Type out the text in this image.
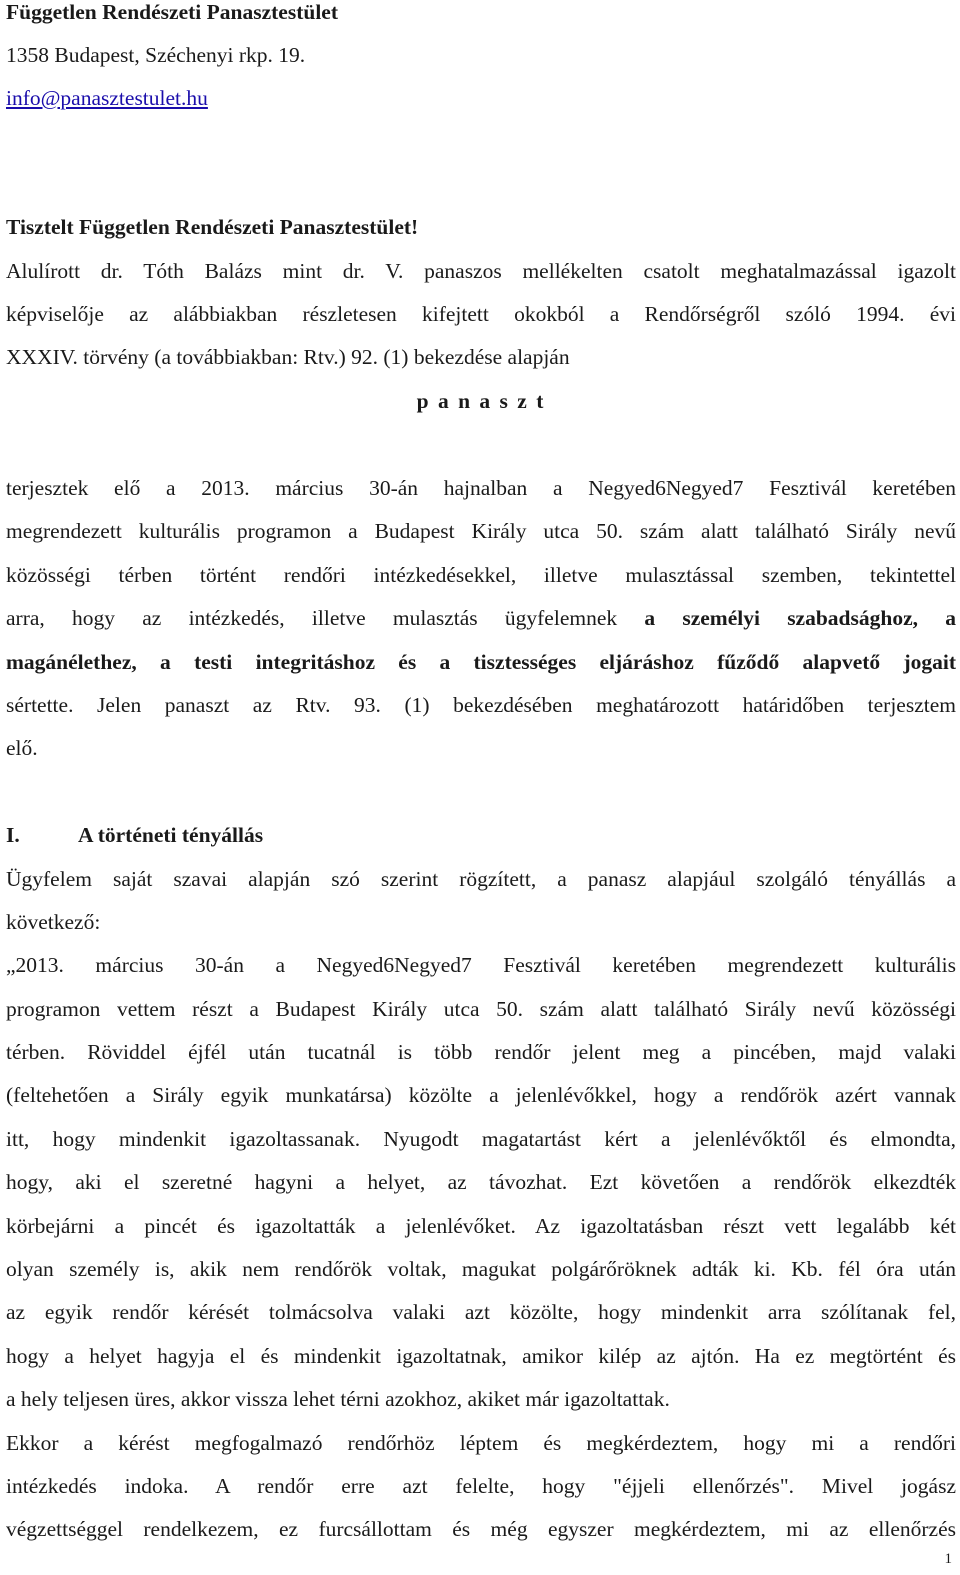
Független Rendészeti Panasztestület
1358 Budapest, Széchenyi rkp. 19.
info@panasztestulet.hu
Tisztelt Független Rendészeti Panasztestület!
Alulírott dr. Tóth Balázs mint dr. V. panaszos mellékelten csatolt meghatalmazással igazolt
képviselője az alábbiakban részletesen kifejtett okokból a Rendőrségről szóló 1994. évi
XXXIV. törvény (a továbbiakban: Rtv.) 92. (1) bekezdése alapján
p a n a s z t
terjesztek elő a 2013. március 30-án hajnalban a Negyed6Negyed7 Fesztivál keretében
megrendezett kulturális programon a Budapest Király utca 50. szám alatt található Sirály nevű
közösségi térben történt rendőri intézkedésekkel, illetve mulasztással szemben, tekintettel
arra, hogy az intézkedés, illetve mulasztás ügyfelemnek a személyi szabadsághoz, a
magánélethez, a testi integritáshoz és a tisztességes eljáráshoz fűződő alapvető jogait
sértette. Jelen panaszt az Rtv. 93. (1) bekezdésében meghatározott határidőben terjesztem
elő.
I.	A történeti tényállás
Ügyfelem saját szavai alapján szó szerint rögzített, a panasz alapjául szolgáló tényállás a
következő:
„2013. március 30-án a Negyed6Negyed7 Fesztivál keretében megrendezett kulturális
programon vettem részt a Budapest Király utca 50. szám alatt található Sirály nevű közösségi
térben. Röviddel éjfél után tucatnál is több rendőr jelent meg a pincében, majd valaki
(feltehetően a Sirály egyik munkatársa) közölte a jelenlévőkkel, hogy a rendőrök azért vannak
itt, hogy mindenkit igazoltassanak. Nyugodt magatartást kért a jelenlévőktől és elmondta,
hogy, aki el szeretné hagyni a helyet, az távozhat. Ezt követően a rendőrök elkezdték
körbejárni a pincét és igazoltatták a jelenlévőket. Az igazoltatásban részt vett legalább két
olyan személy is, akik nem rendőrök voltak, magukat polgárőröknek adták ki. Kb. fél óra után
az egyik rendőr kérését tolmácsolva valaki azt közölte, hogy mindenkit arra szólítanak fel,
hogy a helyet hagyja el és mindenkit igazoltatnak, amikor kilép az ajtón. Ha ez megtörtént és
a hely teljesen üres, akkor vissza lehet térni azokhoz, akiket már igazoltattak.
Ekkor a kérést megfogalmazó rendőrhöz léptem és megkérdeztem, hogy mi a rendőri
intézkedés indoka. A rendőr erre azt felelte, hogy "éjjeli ellenőrzés". Mivel jogász
végzettséggel rendelkezem, ez furcsállottam és még egyszer megkérdeztem, mi az ellenőrzés
1
